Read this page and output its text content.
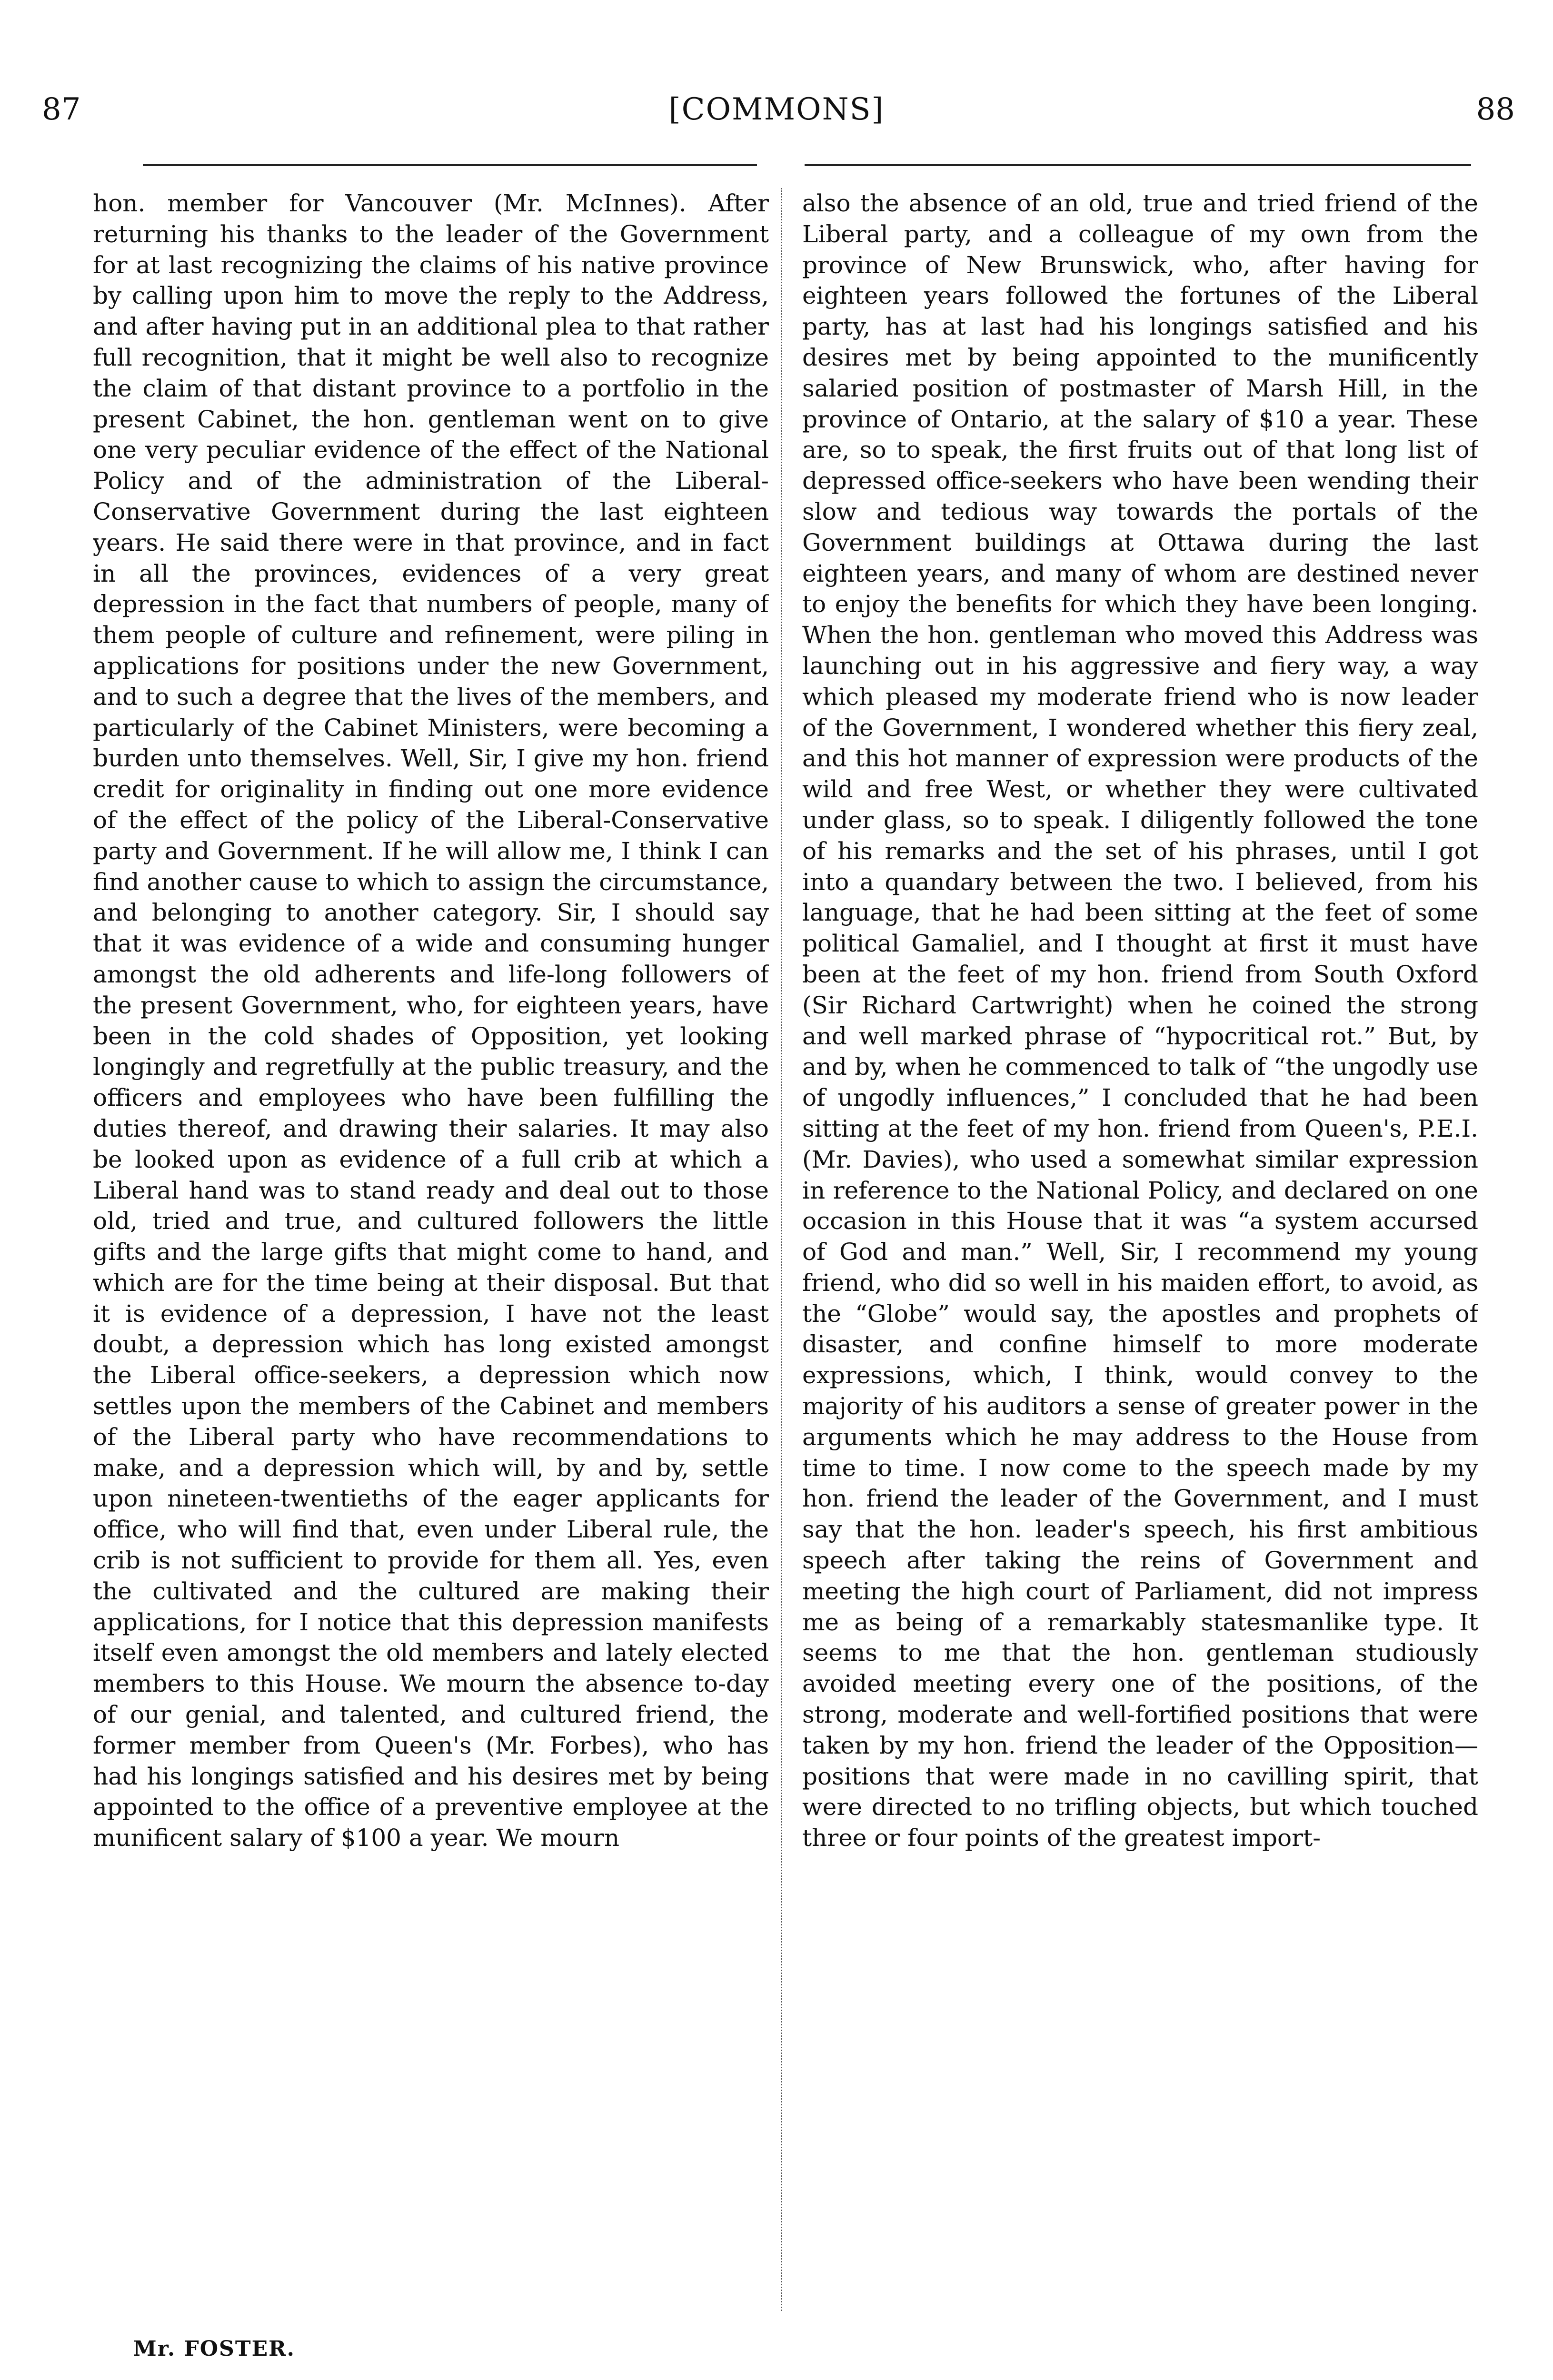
87	[COMMONS]	88

hon. member for Vancouver (Mr. McInnes). After returning his thanks to the leader of the Government for at last recognizing the claims of his native province by calling upon him to move the reply to the Address, and after having put in an additional plea to that rather full recognition, that it might be well also to recognize the claim of that distant province to a portfolio in the present Cabinet, the hon. gentleman went on to give one very peculiar evidence of the effect of the National Policy and of the administration of the Liberal-Conservative Government during the last eighteen years. He said there were in that province, and in fact in all the provinces, evidences of a very great depression in the fact that numbers of people, many of them people of culture and refinement, were piling in applications for positions under the new Government, and to such a degree that the lives of the members, and particularly of the Cabinet Ministers, were becoming a burden unto themselves. Well, Sir, I give my hon. friend credit for originality in finding out one more evidence of the effect of the policy of the Liberal-Conservative party and Government. If he will allow me, I think I can find another cause to which to assign the circumstance, and belonging to another category. Sir, I should say that it was evidence of a wide and consuming hunger amongst the old adherents and life-long followers of the present Government, who, for eighteen years, have been in the cold shades of Opposition, yet looking longingly and regretfully at the public treasury, and the officers and employees who have been fulfilling the duties thereof, and drawing their salaries. It may also be looked upon as evidence of a full crib at which a Liberal hand was to stand ready and deal out to those old, tried and true, and cultured followers the little gifts and the large gifts that might come to hand, and which are for the time being at their disposal. But that it is evidence of a depression, I have not the least doubt, a depression which has long existed amongst the Liberal office-seekers, a depression which now settles upon the members of the Cabinet and members of the Liberal party who have recommendations to make, and a depression which will, by and by, settle upon nineteen-twentieths of the eager applicants for office, who will find that, even under Liberal rule, the crib is not sufficient to provide for them all. Yes, even the cultivated and the cultured are making their applications, for I notice that this depression manifests itself even amongst the old members and lately elected members to this House. We mourn the absence to-day of our genial, and talented, and cultured friend, the former member from Queen's (Mr. Forbes), who has had his longings satisfied and his desires met by being appointed to the office of a preventive employee at the munificent salary of $100 a year. We mourn

also the absence of an old, true and tried friend of the Liberal party, and a colleague of my own from the province of New Brunswick, who, after having for eighteen years followed the fortunes of the Liberal party, has at last had his longings satisfied and his desires met by being appointed to the munificently salaried position of postmaster of Marsh Hill, in the province of Ontario, at the salary of $10 a year. These are, so to speak, the first fruits out of that long list of depressed office-seekers who have been wending their slow and tedious way towards the portals of the Government buildings at Ottawa during the last eighteen years, and many of whom are destined never to enjoy the benefits for which they have been longing. When the hon. gentleman who moved this Address was launching out in his aggressive and fiery way, a way which pleased my moderate friend who is now leader of the Government, I wondered whether this fiery zeal, and this hot manner of expression were products of the wild and free West, or whether they were cultivated under glass, so to speak. I diligently followed the tone of his remarks and the set of his phrases, until I got into a quandary between the two. I believed, from his language, that he had been sitting at the feet of some political Gamaliel, and I thought at first it must have been at the feet of my hon. friend from South Oxford (Sir Richard Cartwright) when he coined the strong and well marked phrase of “hypocritical rot.” But, by and by, when he commenced to talk of “the ungodly use of ungodly influences,” I concluded that he had been sitting at the feet of my hon. friend from Queen's, P.E.I. (Mr. Davies), who used a somewhat similar expression in reference to the National Policy, and declared on one occasion in this House that it was “a system accursed of God and man.” Well, Sir, I recommend my young friend, who did so well in his maiden effort, to avoid, as the “Globe” would say, the apostles and prophets of disaster, and confine himself to more moderate expressions, which, I think, would convey to the majority of his auditors a sense of greater power in the arguments which he may address to the House from time to time. I now come to the speech made by my hon. friend the leader of the Government, and I must say that the hon. leader's speech, his first ambitious speech after taking the reins of Government and meeting the high court of Parliament, did not impress me as being of a remarkably statesmanlike type. It seems to me that the hon. gentleman studiously avoided meeting every one of the positions, of the strong, moderate and well-fortified positions that were taken by my hon. friend the leader of the Opposition—positions that were made in no cavilling spirit, that were directed to no trifling objects, but which touched three or four points of the greatest import-

Mr. FOSTER.
